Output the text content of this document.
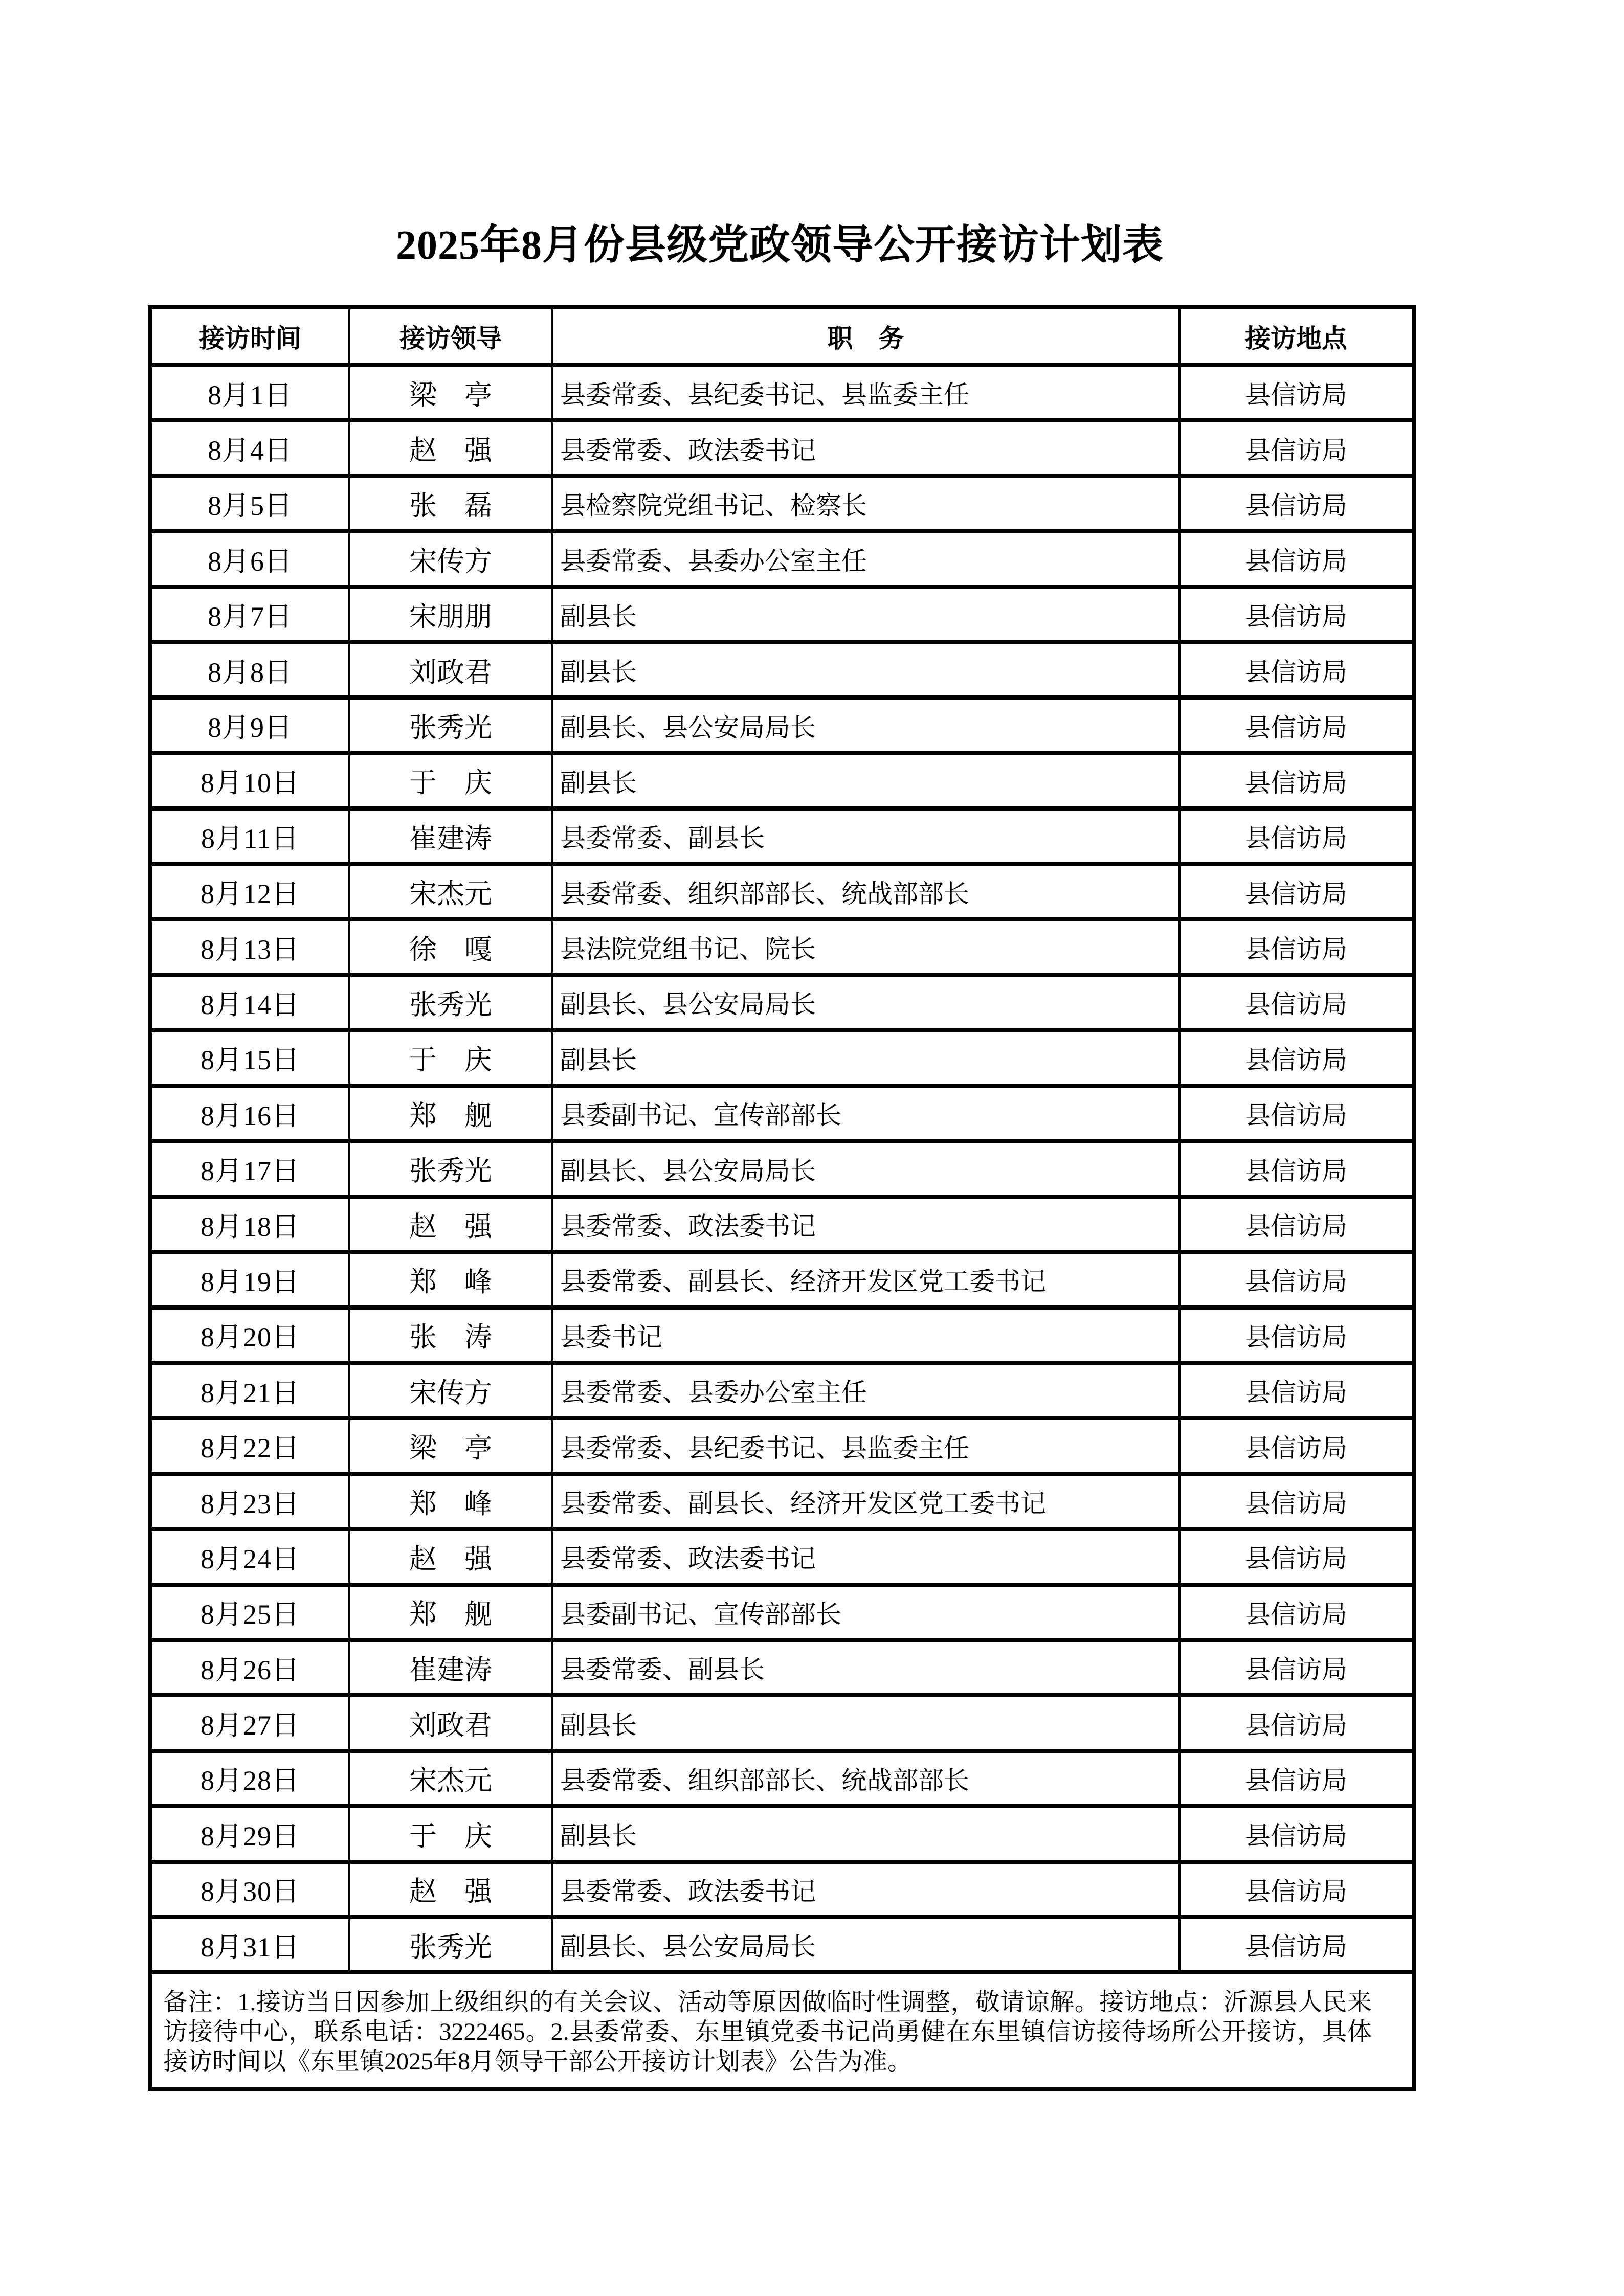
2025年8月份县级党政领导公开接访计划表
接访时间	接访领导	职　务	接访地点
8月1日	梁　亭	县委常委、县纪委书记、县监委主任	县信访局
8月4日	赵　强	县委常委、政法委书记	县信访局
8月5日	张　磊	县检察院党组书记、检察长	县信访局
8月6日	宋传方	县委常委、县委办公室主任	县信访局
8月7日	宋朋朋	副县长	县信访局
8月8日	刘政君	副县长	县信访局
8月9日	张秀光	副县长、县公安局局长	县信访局
8月10日	于　庆	副县长	县信访局
8月11日	崔建涛	县委常委、副县长	县信访局
8月12日	宋杰元	县委常委、组织部部长、统战部部长	县信访局
8月13日	徐　嘎	县法院党组书记、院长	县信访局
8月14日	张秀光	副县长、县公安局局长	县信访局
8月15日	于　庆	副县长	县信访局
8月16日	郑　舰	县委副书记、宣传部部长	县信访局
8月17日	张秀光	副县长、县公安局局长	县信访局
8月18日	赵　强	县委常委、政法委书记	县信访局
8月19日	郑　峰	县委常委、副县长、经济开发区党工委书记	县信访局
8月20日	张　涛	县委书记	县信访局
8月21日	宋传方	县委常委、县委办公室主任	县信访局
8月22日	梁　亭	县委常委、县纪委书记、县监委主任	县信访局
8月23日	郑　峰	县委常委、副县长、经济开发区党工委书记	县信访局
8月24日	赵　强	县委常委、政法委书记	县信访局
8月25日	郑　舰	县委副书记、宣传部部长	县信访局
8月26日	崔建涛	县委常委、副县长	县信访局
8月27日	刘政君	副县长	县信访局
8月28日	宋杰元	县委常委、组织部部长、统战部部长	县信访局
8月29日	于　庆	副县长	县信访局
8月30日	赵　强	县委常委、政法委书记	县信访局
8月31日	张秀光	副县长、县公安局局长	县信访局
备注：1.接访当日因参加上级组织的有关会议、活动等原因做临时性调整，敬请谅解。接访地点：沂源县人民来访接待中心，联系电话：3222465。2.县委常委、东里镇党委书记尚勇健在东里镇信访接待场所公开接访，具体接访时间以《东里镇2025年8月领导干部公开接访计划表》公告为准。			
